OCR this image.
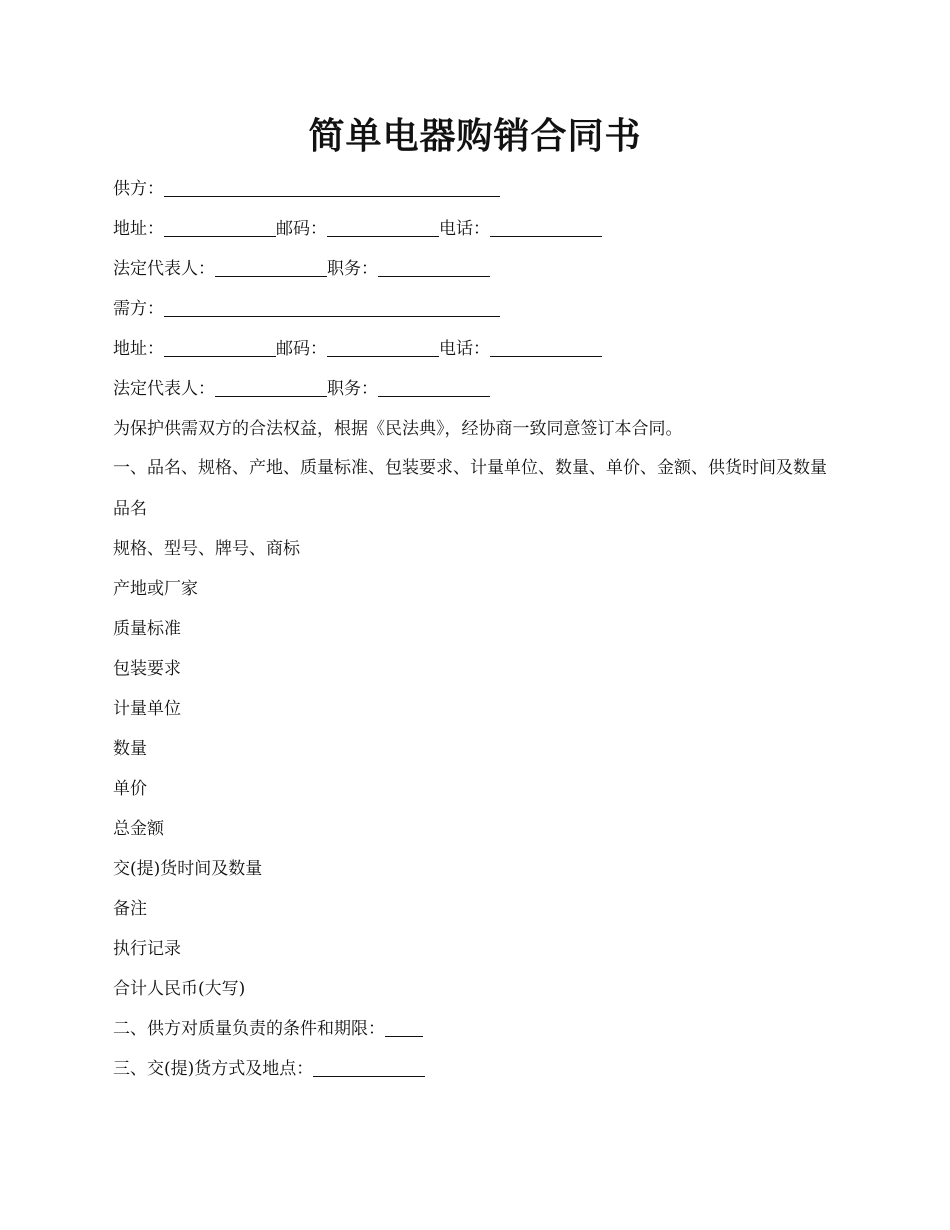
简单电器购销合同书

供方：

地址：	邮码：	电话：

法定代表人：	职务：

需方：

地址：	邮码：	电话：

法定代表人：	职务：

为保护供需双方的合法权益，根据《民法典》，经协商一致同意签订本合同。

一、品名、规格、产地、质量标准、包装要求、计量单位、数量、单价、金额、供货时间及数量

品名

规格、型号、牌号、商标

产地或厂家

质量标准

包装要求

计量单位

数量

单价

总金额

交(提)货时间及数量

备注

执行记录

合计人民币(大写)

二、供方对质量负责的条件和期限：

三、交(提)货方式及地点：
